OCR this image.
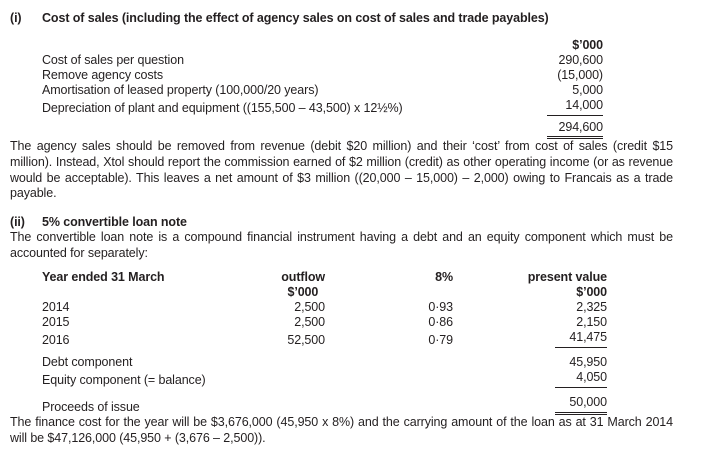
(i)	Cost of sales (including the effect of agency sales on cost of sales and trade payables)
	$’000
Cost of sales per question	290,600
Remove agency costs	(15,000)
Amortisation of leased property (100,000/20 years)	5,000
Depreciation of plant and equipment ((155,500 – 43,500) x 12½%)	14,000
	294,600

The agency sales should be removed from revenue (debit $20 million) and their ‘cost’ from cost of sales (credit $15 million). Instead, Xtol should report the commission earned of $2 million (credit) as other operating income (or as revenue would be acceptable). This leaves a net amount of $3 million ((20,000 – 15,000) – 2,000) owing to Francais as a trade payable.

(ii)	5% convertible loan note

The convertible loan note is a compound financial instrument having a debt and an equity component which must be accounted for separately:

Year ended 31 March	outflow	8%	present value
	$’000		$’000
2014	2,500	0·93	2,325
2015	2,500	0·86	2,150
2016	52,500	0·79	41,475

Debt component			45,950
Equity component (= balance)			4,050

Proceeds of issue			50,000

The finance cost for the year will be $3,676,000 (45,950 x 8%) and the carrying amount of the loan as at 31 March 2014 will be $47,126,000 (45,950 + (3,676 – 2,500)).
